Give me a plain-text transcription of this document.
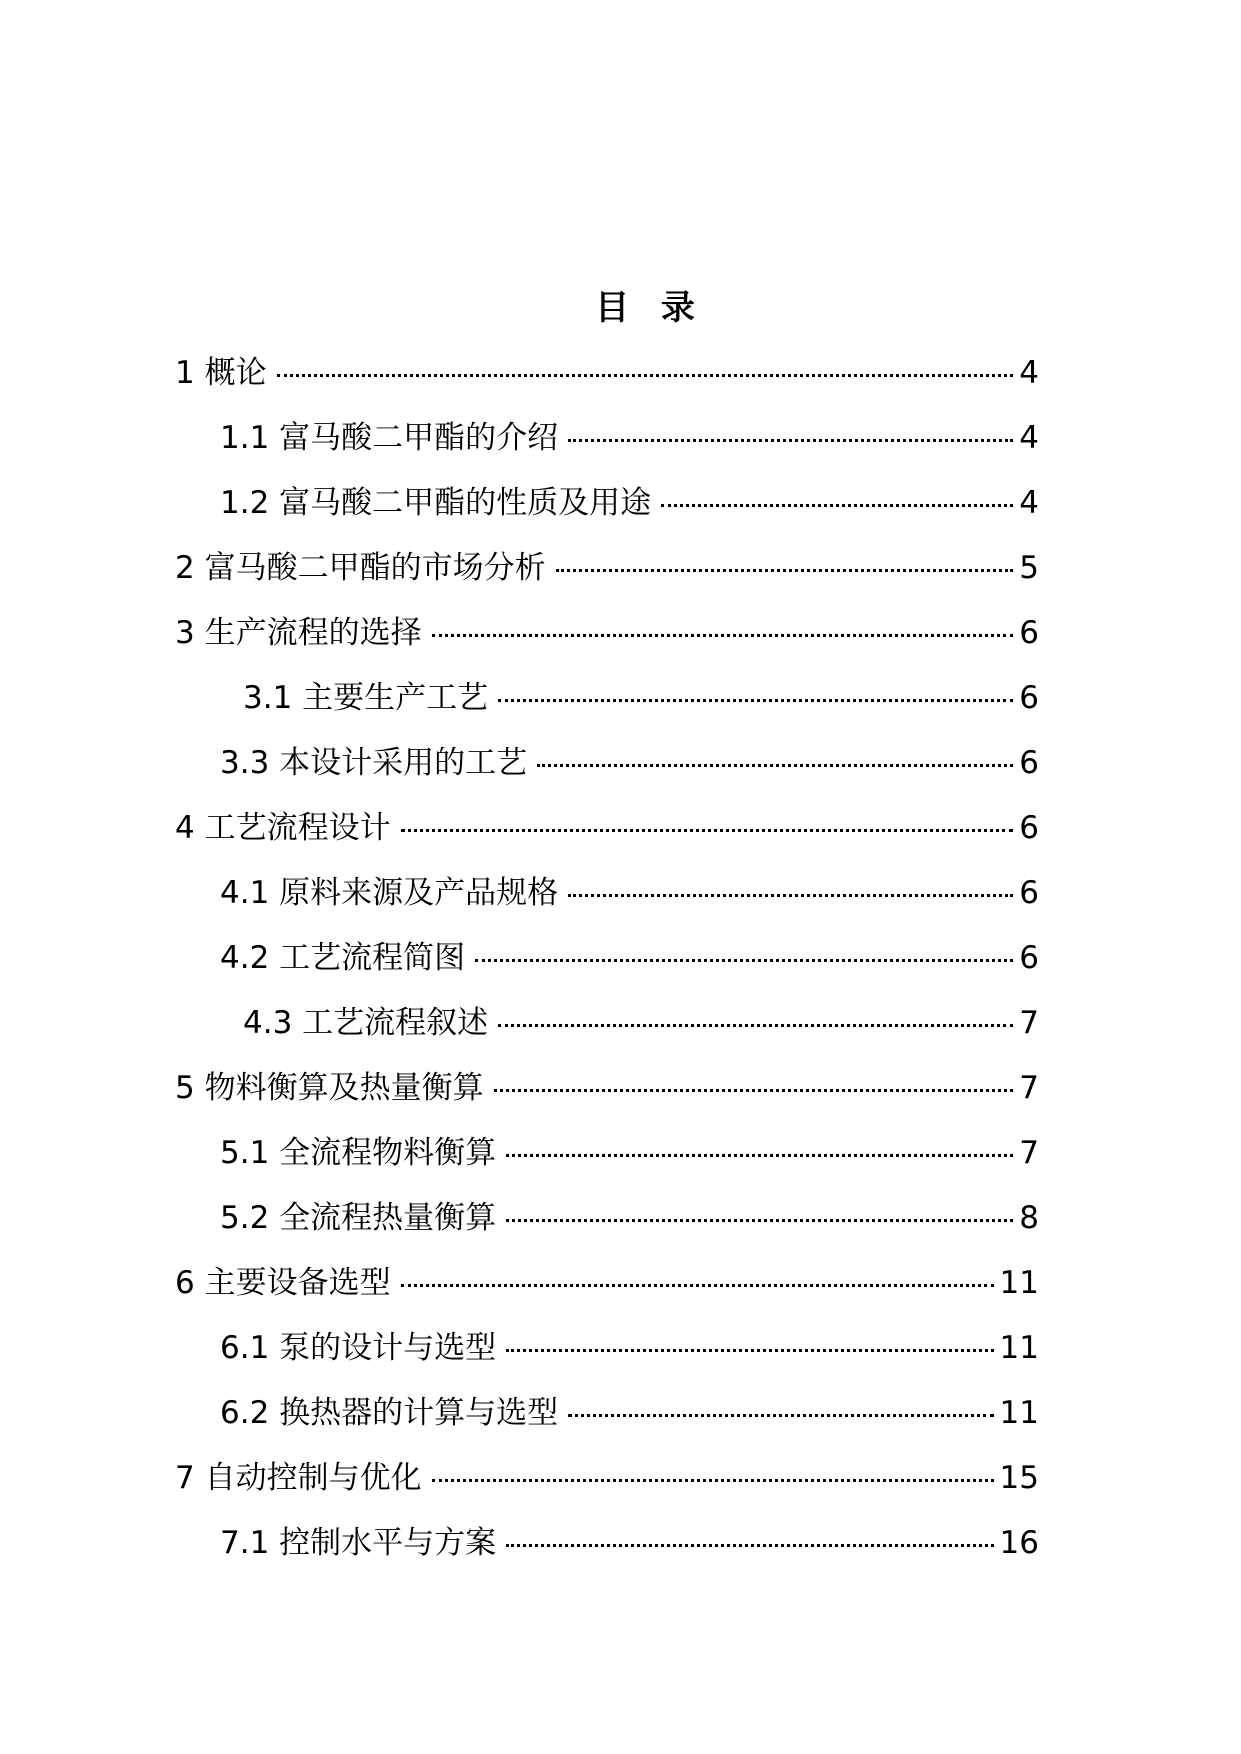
目 录
1 概论	4
1.1 富马酸二甲酯的介绍	4
1.2 富马酸二甲酯的性质及用途	4
2 富马酸二甲酯的市场分析	5
3 生产流程的选择	6
3.1 主要生产工艺	6
3.3 本设计采用的工艺	6
4 工艺流程设计	6
4.1 原料来源及产品规格	6
4.2 工艺流程简图	6
4.3 工艺流程叙述	7
5 物料衡算及热量衡算	7
5.1 全流程物料衡算	7
5.2 全流程热量衡算	8
6 主要设备选型	11
6.1 泵的设计与选型	11
6.2 换热器的计算与选型	11
7 自动控制与优化	15
7.1 控制水平与方案	16
